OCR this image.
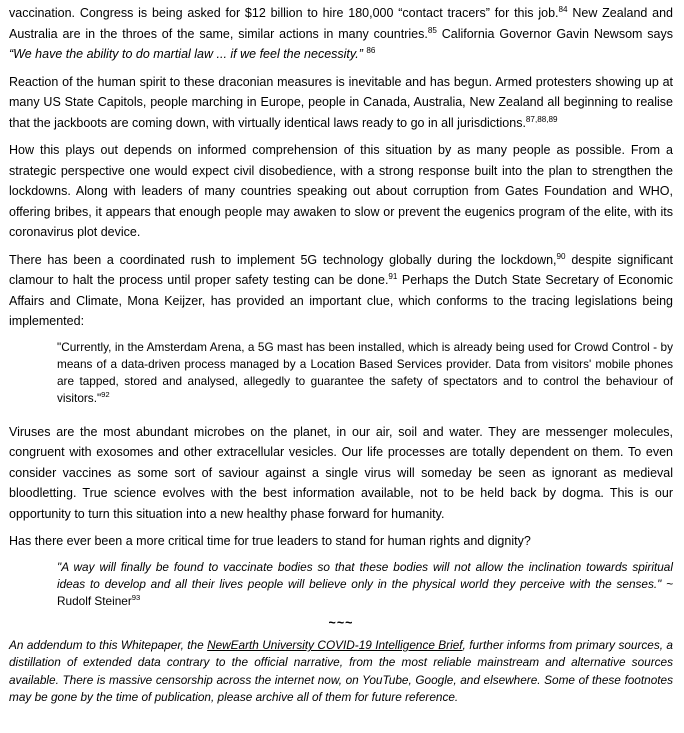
vaccination. Congress is being asked for $12 billion to hire 180,000 “contact tracers” for this job.$^{84}$ New Zealand and Australia are in the throes of the same, similar actions in many countries.$^{85}$ California Governor Gavin Newsom says “We have the ability to do martial law ... if we feel the necessity.” $^{86}$

Reaction of the human spirit to these draconian measures is inevitable and has begun. Armed protesters showing up at many US State Capitols, people marching in Europe, people in Canada, Australia, New Zealand all beginning to realise that the jackboots are coming down, with virtually identical laws ready to go in all jurisdictions.$^{87,88,89}$

How this plays out depends on informed comprehension of this situation by as many people as possible. From a strategic perspective one would expect civil disobedience, with a strong response built into the plan to strengthen the lockdowns. Along with leaders of many countries speaking out about corruption from Gates Foundation and WHO, offering bribes, it appears that enough people may awaken to slow or prevent the eugenics program of the elite, with its coronavirus plot device.

There has been a coordinated rush to implement 5G technology globally during the lockdown,$^{90}$ despite significant clamour to halt the process until proper safety testing can be done.$^{91}$ Perhaps the Dutch State Secretary of Economic Affairs and Climate, Mona Keijzer, has provided an important clue, which conforms to the tracing legislations being implemented:

"Currently, in the Amsterdam Arena, a 5G mast has been installed, which is already being used for Crowd Control - by means of a data-driven process managed by a Location Based Services provider. Data from visitors' mobile phones are tapped, stored and analysed, allegedly to guarantee the safety of spectators and to control the behaviour of visitors."$^{92}$

Viruses are the most abundant microbes on the planet, in our air, soil and water. They are messenger molecules, congruent with exosomes and other extracellular vesicles. Our life processes are totally dependent on them. To even consider vaccines as some sort of saviour against a single virus will someday be seen as ignorant as medieval bloodletting. True science evolves with the best information available, not to be held back by dogma. This is our opportunity to turn this situation into a new healthy phase forward for humanity.

Has there ever been a more critical time for true leaders to stand for human rights and dignity?

"A way will finally be found to vaccinate bodies so that these bodies will not allow the inclination towards spiritual ideas to develop and all their lives people will believe only in the physical world they perceive with the senses." ~ Rudolf Steiner$^{93}$

~~~

An addendum to this Whitepaper, the NewEarth University COVID-19 Intelligence Brief, further informs from primary sources, a distillation of extended data contrary to the official narrative, from the most reliable mainstream and alternative sources available. There is massive censorship across the internet now, on YouTube, Google, and elsewhere. Some of these footnotes may be gone by the time of publication, please archive all of them for future reference.
